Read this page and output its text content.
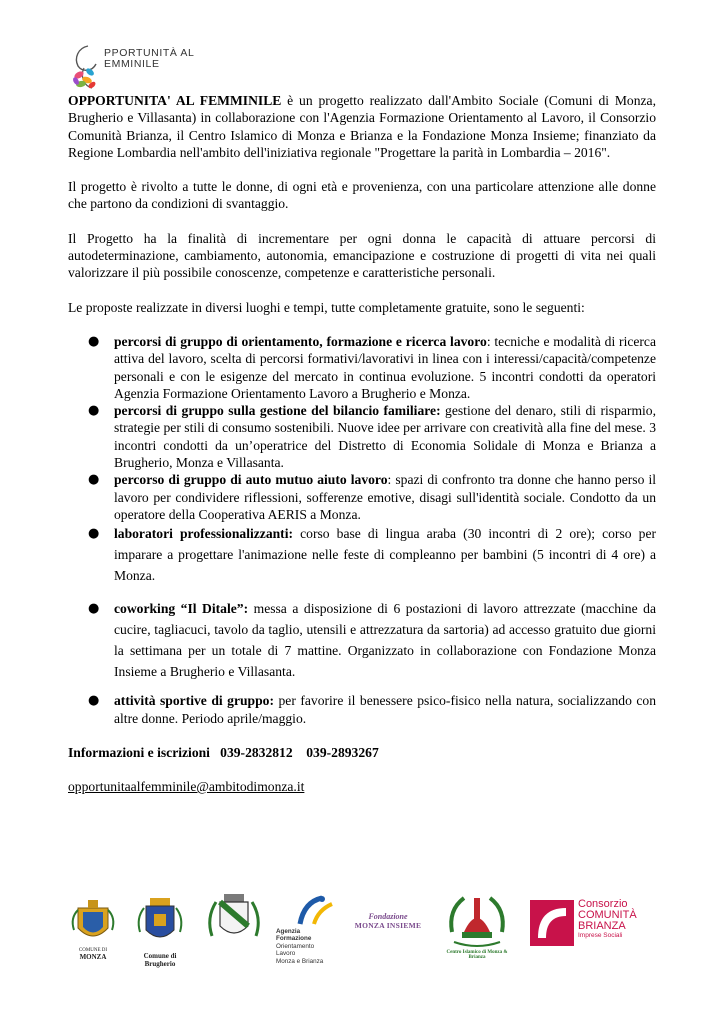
PPORTUNITÀ AL
EMMINILE

OPPORTUNITA' AL FEMMINILE è un progetto realizzato dall'Ambito Sociale (Comuni di Monza, Brugherio e Villasanta) in collaborazione con l'Agenzia Formazione Orientamento al Lavoro, il Consorzio Comunità Brianza, il Centro Islamico di Monza e Brianza e la Fondazione Monza Insieme; finanziato da Regione Lombardia nell'ambito dell'iniziativa regionale "Progettare la parità in Lombardia – 2016".

Il progetto è rivolto a tutte le donne, di ogni età e provenienza, con una particolare attenzione alle donne che partono da condizioni di svantaggio.

Il Progetto ha la finalità di incrementare per ogni donna le capacità di attuare percorsi di autodeterminazione, cambiamento, autonomia, emancipazione e costruzione di progetti di vita nei quali valorizzare il più possibile conoscenze, competenze e caratteristiche personali.

Le proposte realizzate in diversi luoghi e tempi, tutte completamente gratuite, sono le seguenti:

● percorsi di gruppo di orientamento, formazione e ricerca lavoro: tecniche e modalità di ricerca attiva del lavoro, scelta di percorsi formativi/lavorativi in linea con i interessi/capacità/competenze personali e con le esigenze del mercato in continua evoluzione. 5 incontri condotti da operatori Agenzia Formazione Orientamento Lavoro a Brugherio e Monza.
● percorsi di gruppo sulla gestione del bilancio familiare: gestione del denaro, stili di risparmio, strategie per stili di consumo sostenibili. Nuove idee per arrivare con creatività alla fine del mese. 3 incontri condotti da un’operatrice del Distretto di Economia Solidale di Monza e Brianza a Brugherio, Monza e Villasanta.
● percorso di gruppo di auto mutuo aiuto lavoro: spazi di confronto tra donne che hanno perso il lavoro per condividere riflessioni, sofferenze emotive, disagi sull'identità sociale. Condotto da un operatore della Cooperativa AERIS a Monza.
● laboratori professionalizzanti: corso base di lingua araba (30 incontri di 2 ore); corso per imparare a progettare l'animazione nelle feste di compleanno per bambini (5 incontri di 4 ore) a Monza.
● coworking “Il Ditale”: messa a disposizione di 6 postazioni di lavoro attrezzate (macchine da cucire, tagliacuci, tavolo da taglio, utensili e attrezzatura da sartoria) ad accesso gratuito due giorni la settimana per un totale di 7 mattine. Organizzato in collaborazione con Fondazione Monza Insieme a Brugherio e Villasanta.
● attività sportive di gruppo: per favorire il benessere psico-fisico nella natura, socializzando con altre donne. Periodo aprile/maggio.

Informazioni e iscrizioni   039-2832812    039-2893267

opportunitaalfemminile@ambitodimonza.it

COMUNE DI
MONZA	Comune di Brugherio
Agenzia
Formazione
Orientamento
Lavoro
Monza e Brianza
Fondazione
MONZA INSIEME
Centro Islamico di Monza & Brianza
Consorzio
COMUNITÀ
BRIANZA
Imprese Sociali
